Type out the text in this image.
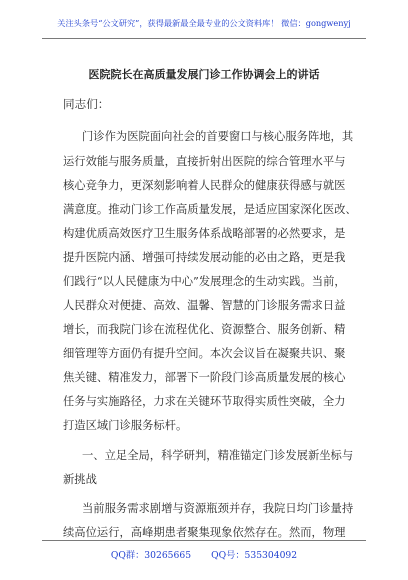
关注头条号“公文研究”，获得最新最全最专业的公文资料库！ 微信：gongwenyj
医院院长在高质量发展门诊工作协调会上的讲话
同志们：
门诊作为医院面向社会的首要窗口与核心服务阵地，其
运行效能与服务质量，直接折射出医院的综合管理水平与
核心竞争力，更深刻影响着人民群众的健康获得感与就医
满意度。推动门诊工作高质量发展，是适应国家深化医改、
构建优质高效医疗卫生服务体系战略部署的必然要求，是
提升医院内涵、增强可持续发展动能的必由之路，更是我
们践行“以人民健康为中心”发展理念的生动实践。当前，
人民群众对便捷、高效、温馨、智慧的门诊服务需求日益
增长，而我院门诊在流程优化、资源整合、服务创新、精
细管理等方面仍有提升空间。本次会议旨在凝聚共识、聚
焦关键、精准发力，部署下一阶段门诊高质量发展的核心
任务与实施路径，力求在关键环节取得实质性突破，全力
打造区域门诊服务标杆。
一、立足全局，科学研判，精准锚定门诊发展新坐标与
新挑战
当前服务需求剧增与资源瓶颈并存，我院日均门诊量持
续高位运行，高峰期患者聚集现象依然存在。然而，物理
QQ群：30265665 QQ号：535304092
